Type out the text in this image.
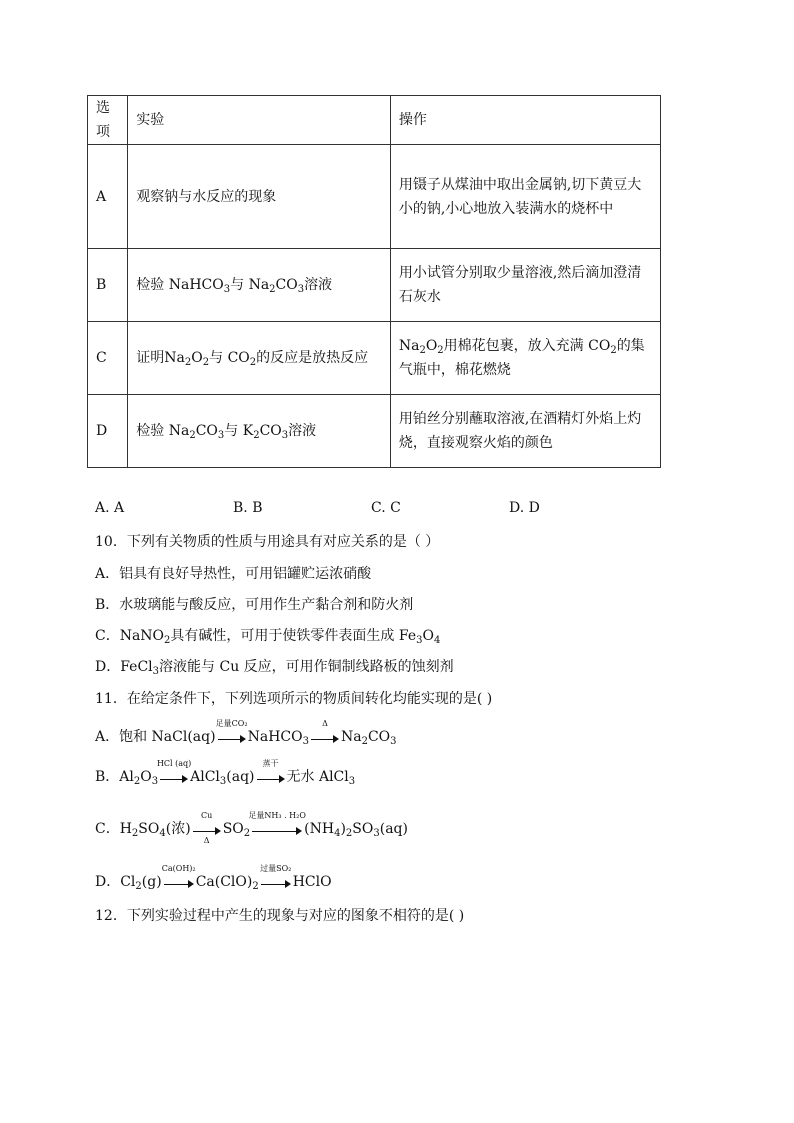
选项	实验	操作
A	观察钠与水反应的现象	用镊子从煤油中取出金属钠,切下黄豆大小的钠,小心地放入装满水的烧杯中
B	检验 NaHCO$_3$与 $Na_2CO_3$溶液	用小试管分别取少量溶液,然后滴加澄清石灰水
C	证明$Na_2O_2$与 $CO_2$的反应是放热反应	$Na_2O_2$用棉花包裹，放入充满 $CO_2$的集气瓶中，棉花燃烧
D	检验 $Na_2CO_3$与 $K_2CO_3$溶液	用铂丝分别蘸取溶液,在酒精灯外焰上灼烧，直接观察火焰的颜色
A. A	B. B	C. C	D. D
10．下列有关物质的性质与用途具有对应关系的是（ ）
A．铝具有良好导热性，可用铝罐贮运浓硝酸
B．水玻璃能与酸反应，可用作生产黏合剂和防火剂
C．NaNO$_2$具有碱性，可用于使铁零件表面生成 $Fe_3O_4$
D．FeCl$_3$溶液能与 Cu 反应，可用作铜制线路板的蚀刻剂
11．在给定条件下，下列选项所示的物质间转化均能实现的是( )
A．饱和 NaCl(aq)
足量CO₂
NaHCO$_3$
Δ
$Na_2CO_3$
B．$Al_2O_3$
HCl (aq)
AlCl$_3$(aq)
蒸干
无水 AlCl$_3$
C．$H_2SO_4$(浓) $\frac{Cu}{\Delta} SO_2$
足量NH₃ . H₂O
$(NH_4)_2SO_3(aq)$
D．$Cl_2(g)$
Ca(OH)₂
$Ca(ClO)_2$
过量SO₂
HClO
12．下列实验过程中产生的现象与对应的图象不相符的是( )
